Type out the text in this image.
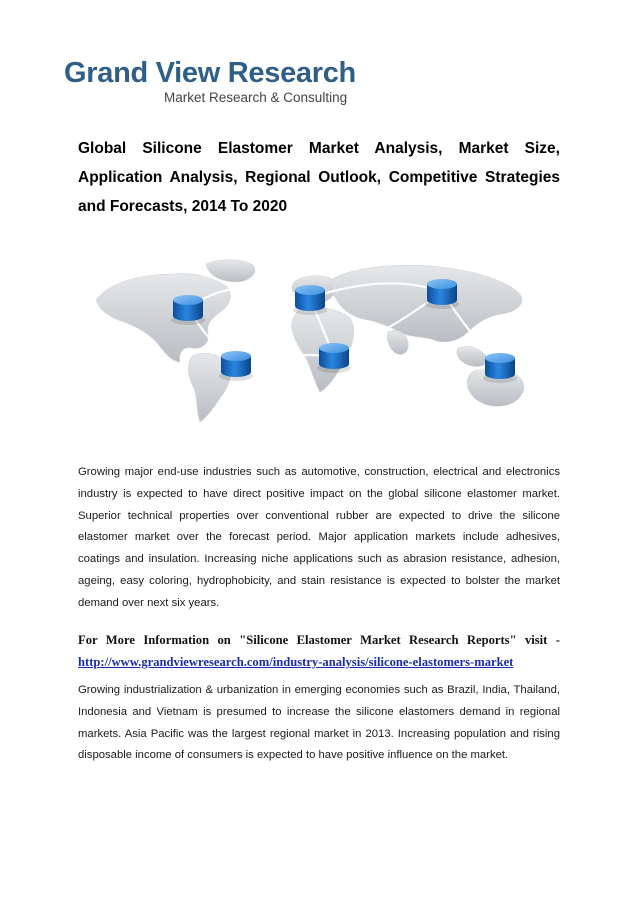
Grand View Research
Market Research & Consulting
Global Silicone Elastomer Market Analysis, Market Size, Application Analysis, Regional Outlook, Competitive Strategies and Forecasts, 2014 To 2020

Growing major end-use industries such as automotive, construction, electrical and electronics industry is expected to have direct positive impact on the global silicone elastomer market. Superior technical properties over conventional rubber are expected to drive the silicone elastomer market over the forecast period. Major application markets include adhesives, coatings and insulation. Increasing niche applications such as abrasion resistance, adhesion, ageing, easy coloring, hydrophobicity, and stain resistance is expected to bolster the market demand over next six years.

For More Information on "Silicone Elastomer Market Research Reports" visit -
http://www.grandviewresearch.com/industry-analysis/silicone-elastomers-market

Growing industrialization & urbanization in emerging economies such as Brazil, India, Thailand, Indonesia and Vietnam is presumed to increase the silicone elastomers demand in regional markets. Asia Pacific was the largest regional market in 2013. Increasing population and rising disposable income of consumers is expected to have positive influence on the market.
